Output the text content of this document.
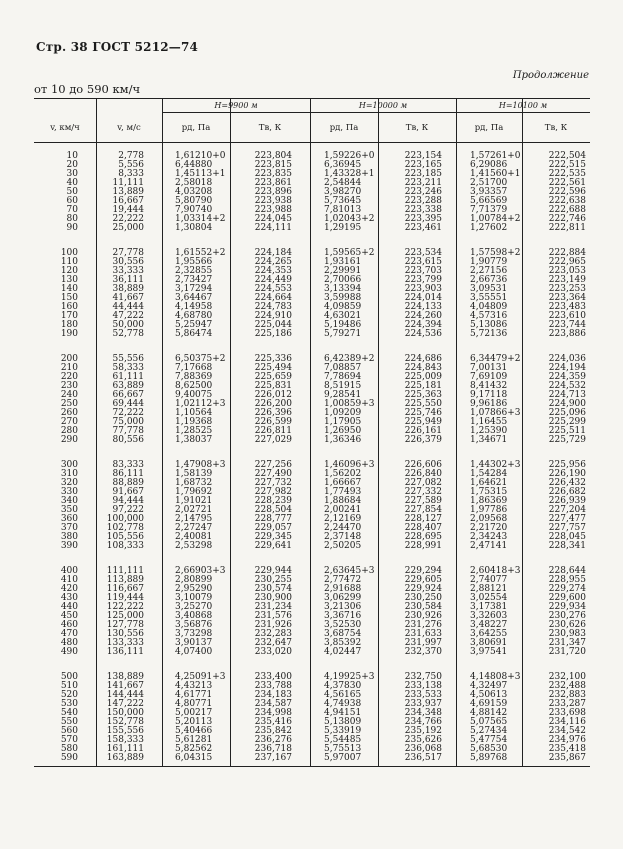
Стр. 38 ГОСТ 5212—74
Продолжение
от 10 до 590 км/ч
v, км/ч	v, м/с
H=9900 м	H=10000 м	H=10100 м
pд, Па	Tв, К	pд, Па	Tв, К	pд, Па	Tв, К
10	2,778	1,61210+0	223,804	1,59226+0	223,154	1,57261+0	222,504
20	5,556	6,44880	223,815	6,36945	223,165	6,29086	222,515
30	8,333	1,45113+1	223,835	1,43328+1	223,185	1,41560+1	222,535
40	11,111	2,58018	223,861	2,54844	223,211	2,51700	222,561
50	13,889	4,03208	223,896	3,98270	223,246	3,93357	222,596
60	16,667	5,80790	223,938	5,73645	223,288	5,66569	222,638
70	19,444	7,90740	223,988	7,81013	223,338	7,71379	222,688
80	22,222	1,03314+2	224,045	1,02043+2	223,395	1,00784+2	222,746
90	25,000	1,30804	224,111	1,29195	223,461	1,27602	222,811
100	27,778	1,61552+2	224,184	1,59565+2	223,534	1,57598+2	222,884
110	30,556	1,95566	224,265	1,93161	223,615	1,90779	222,965
120	33,333	2,32855	224,353	2,29991	223,703	2,27156	223,053
130	36,111	2,73427	224,449	2,70066	223,799	2,66736	223,149
140	38,889	3,17294	224,553	3,13394	223,903	3,09531	223,253
150	41,667	3,64467	224,664	3,59988	224,014	3,55551	223,364
160	44,444	4,14958	224,783	4,09859	224,133	4,04809	223,483
170	47,222	4,68780	224,910	4,63021	224,260	4,57316	223,610
180	50,000	5,25947	225,044	5,19486	224,394	5,13086	223,744
190	52,778	5,86474	225,186	5,79271	224,536	5,72136	223,886
200	55,556	6,50375+2	225,336	6,42389+2	224,686	6,34479+2	224,036
210	58,333	7,17668	225,494	7,08857	224,843	7,00131	224,194
220	61,111	7,88369	225,659	7,78694	225,009	7,69109	224,359
230	63,889	8,62500	225,831	8,51915	225,181	8,41432	224,532
240	66,667	9,40075	226,012	9,28541	225,363	9,17118	224,713
250	69,444	1,02112+3	226,200	1,00859+3	225,550	9,96186	224,900
260	72,222	1,10564	226,396	1,09209	225,746	1,07866+3	225,096
270	75,000	1,19368	226,599	1,17905	225,949	1,16455	225,299
280	77,778	1,28525	226,811	1,26950	226,161	1,25390	225,511
290	80,556	1,38037	227,029	1,36346	226,379	1,34671	225,729
300	83,333	1,47908+3	227,256	1,46096+3	226,606	1,44302+3	225,956
310	86,111	1,58139	227,490	1,56202	226,840	1,54284	226,190
320	88,889	1,68732	227,732	1,66667	227,082	1,64621	226,432
330	91,667	1,79692	227,982	1,77493	227,332	1,75315	226,682
340	94,444	1,91021	228,239	1,88684	227,589	1,86369	226,939
350	97,222	2,02721	228,504	2,00241	227,854	1,97786	227,204
360	100,000	2,14795	228,777	2,12169	228,127	2,09568	227,477
370	102,778	2,27247	229,057	2,24470	228,407	2,21720	227,757
380	105,556	2,40081	229,345	2,37148	228,695	2,34243	228,045
390	108,333	2,53298	229,641	2,50205	228,991	2,47141	228,341
400	111,111	2,66903+3	229,944	2,63645+3	229,294	2,60418+3	228,644
410	113,889	2,80899	230,255	2,77472	229,605	2,74077	228,955
420	116,667	2,95290	230,574	2,91688	229,924	2,88121	229,274
430	119,444	3,10079	230,900	3,06299	230,250	3,02554	229,600
440	122,222	3,25270	231,234	3,21306	230,584	3,17381	229,934
450	125,000	3,40868	231,576	3,36716	230,926	3,32603	230,276
460	127,778	3,56876	231,926	3,52530	231,276	3,48227	230,626
470	130,556	3,73298	232,283	3,68754	231,633	3,64255	230,983
480	133,333	3,90137	232,647	3,85392	231,997	3,80691	231,347
490	136,111	4,07400	233,020	4,02447	232,370	3,97541	231,720
500	138,889	4,25091+3	233,400	4,19925+3	232,750	4,14808+3	232,100
510	141,667	4,43213	233,788	4,37830	233,138	4,32497	232,488
520	144,444	4,61771	234,183	4,56165	233,533	4,50613	232,883
530	147,222	4,80771	234,587	4,74938	233,937	4,69159	233,287
540	150,000	5,00217	234,998	4,94151	234,348	4,88142	233,698
550	152,778	5,20113	235,416	5,13809	234,766	5,07565	234,116
560	155,556	5,40466	235,842	5,33919	235,192	5,27434	234,542
570	158,333	5,61281	236,276	5,54485	235,626	5,47754	234,976
580	161,111	5,82562	236,718	5,75513	236,068	5,68530	235,418
590	163,889	6,04315	237,167	5,97007	236,517	5,89768	235,867
